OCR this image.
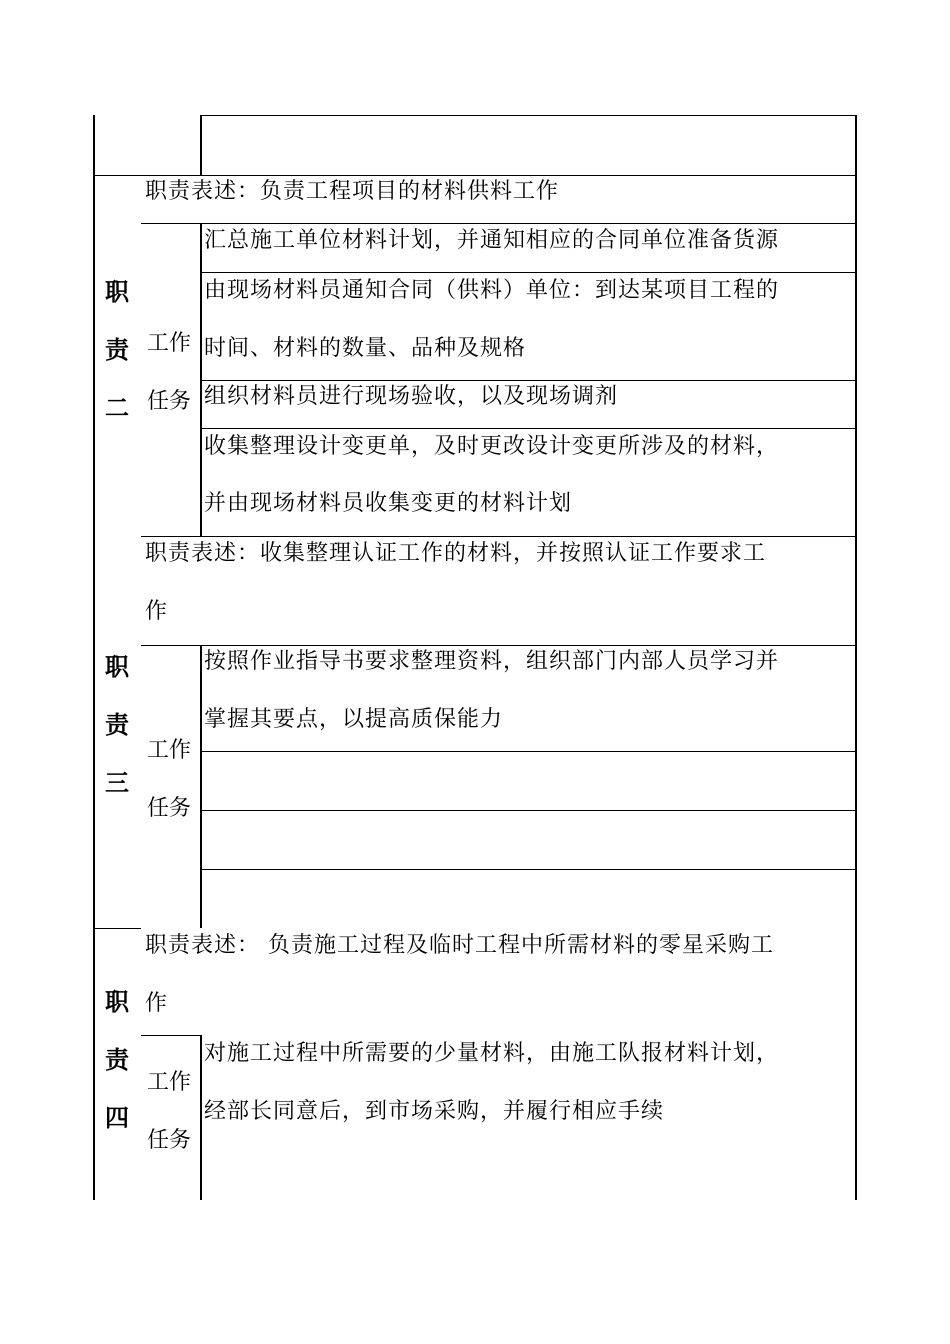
职
责
二
工作
任务
职责表述：负责工程项目的材料供料工作
汇总施工单位材料计划，并通知相应的合同单位准备货源
由现场材料员通知合同（供料）单位：到达某项目工程的
时间、材料的数量、品种及规格
组织材料员进行现场验收，以及现场调剂
收集整理设计变更单，及时更改设计变更所涉及的材料，
并由现场材料员收集变更的材料计划
职
责
三
工作
任务
职责表述：收集整理认证工作的材料，并按照认证工作要求工
作
按照作业指导书要求整理资料，组织部门内部人员学习并
掌握其要点，以提高质保能力
职
责
四
工作
任务
职责表述： 负责施工过程及临时工程中所需材料的零星采购工
作
对施工过程中所需要的少量材料，由施工队报材料计划，
经部长同意后，到市场采购，并履行相应手续
